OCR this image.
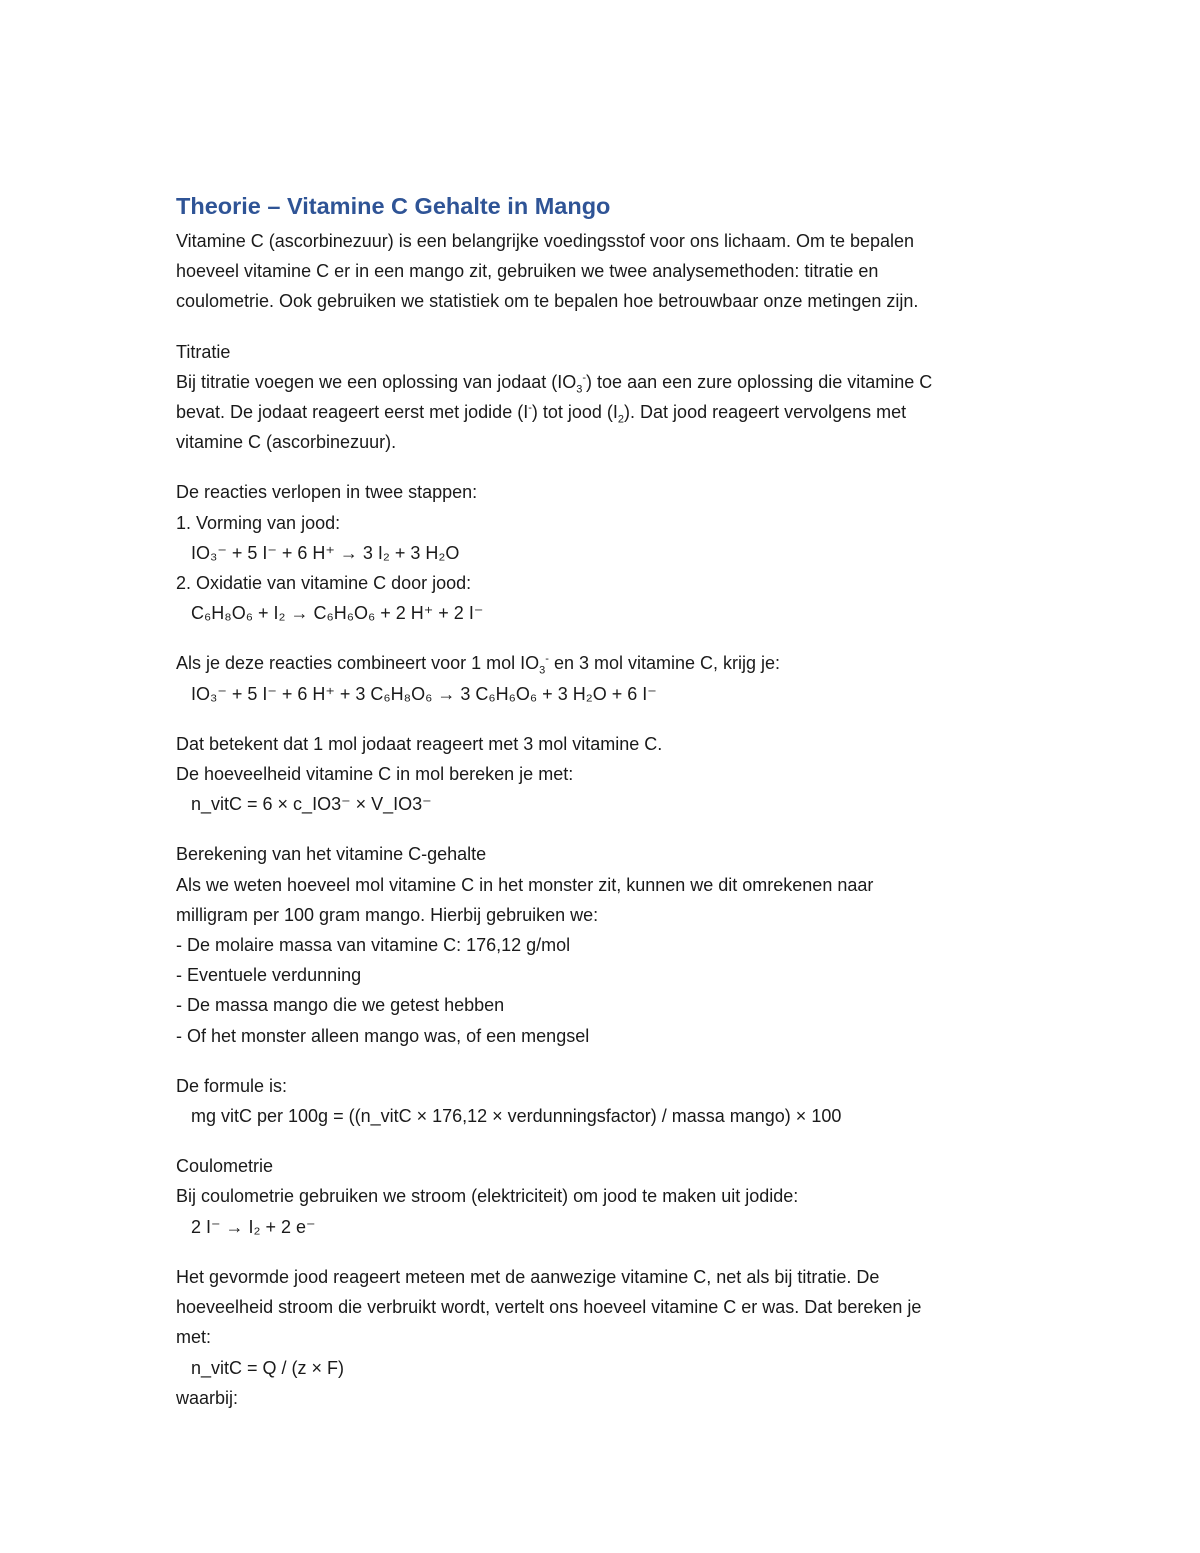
Theorie – Vitamine C Gehalte in Mango

Vitamine C (ascorbinezuur) is een belangrijke voedingsstof voor ons lichaam. Om te bepalen

hoeveel vitamine C er in een mango zit, gebruiken we twee analysemethoden: titratie en

coulometrie. Ook gebruiken we statistiek om te bepalen hoe betrouwbaar onze metingen zijn.

Titratie

Bij titratie voegen we een oplossing van jodaat $(IO_3^-)$ toe aan een zure oplossing die vitamine C

bevat. De jodaat reageert eerst met jodide (I-) tot jood $(I_2)$. Dat jood reageert vervolgens met

vitamine C (ascorbinezuur).

De reacties verlopen in twee stappen:

1. Vorming van jood:

IO₃⁻ + 5 I⁻ + 6 H⁺ → 3 I₂ + 3 H₂O

2. Oxidatie van vitamine C door jood:

C₆H₈O₆ + I₂ → C₆H₆O₆ + 2 H⁺ + 2 I⁻

Als je deze reacties combineert voor 1 mol $IO_3^-$ en 3 mol vitamine C, krijg je:

IO₃⁻ + 5 I⁻ + 6 H⁺ + 3 C₆H₈O₆ → 3 C₆H₆O₆ + 3 H₂O + 6 I⁻

Dat betekent dat 1 mol jodaat reageert met 3 mol vitamine C.

De hoeveelheid vitamine C in mol bereken je met:

n_vitC = 6 × c_IO3⁻ × V_IO3⁻

Berekening van het vitamine C-gehalte

Als we weten hoeveel mol vitamine C in het monster zit, kunnen we dit omrekenen naar

milligram per 100 gram mango. Hierbij gebruiken we:

- De molaire massa van vitamine C: 176,12 g/mol

- Eventuele verdunning

- De massa mango die we getest hebben

- Of het monster alleen mango was, of een mengsel

De formule is:

mg vitC per 100g = ((n_vitC × 176,12 × verdunningsfactor) / massa mango) × 100

Coulometrie

Bij coulometrie gebruiken we stroom (elektriciteit) om jood te maken uit jodide:

2 I⁻ → I₂ + 2 e⁻

Het gevormde jood reageert meteen met de aanwezige vitamine C, net als bij titratie. De

hoeveelheid stroom die verbruikt wordt, vertelt ons hoeveel vitamine C er was. Dat bereken je

met:

n_vitC = Q / (z × F)

waarbij:
